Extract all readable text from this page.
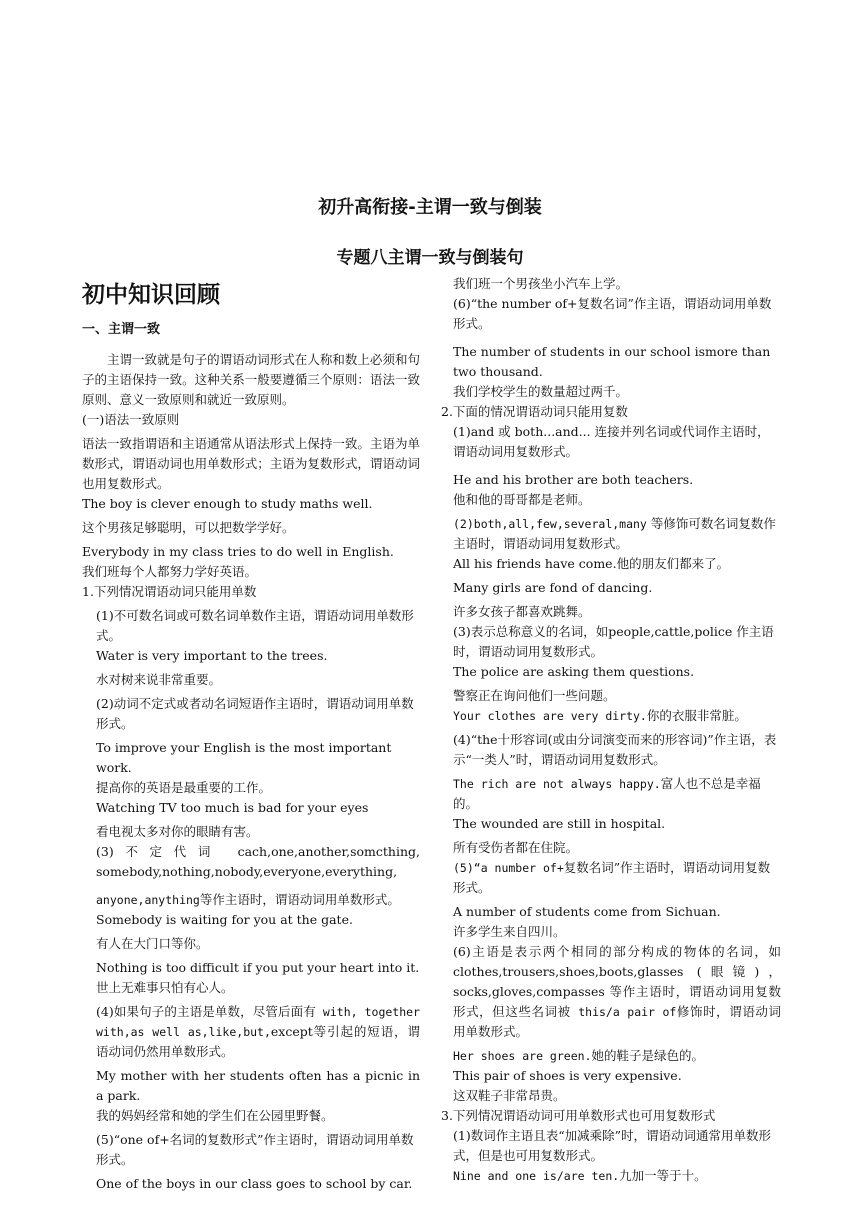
初升高衔接-主谓一致与倒装
专题八主谓一致与倒装句

初中知识回顾

一、主谓一致

主谓一致就是句子的谓语动词形式在人称和数上必须和句子的主语保持一致。这种关系一般要遵循三个原则：语法一致原则、意义一致原则和就近一致原则。

(一)语法一致原则

语法一致指谓语和主语通常从语法形式上保持一致。主语为单数形式，谓语动词也用单数形式；主语为复数形式，谓语动词也用复数形式。

The boy is clever enough to study maths well.

这个男孩足够聪明，可以把数学学好。

Everybody in my class tries to do well in English.

我们班每个人都努力学好英语。

1.下列情况谓语动词只能用单数

(1)不可数名词或可数名词单数作主语，谓语动词用单数形式。

Water is very important to the trees.

水对树来说非常重要。

(2)动词不定式或者动名词短语作主语时，谓语动词用单数形式。

To improve your English is the most important work.

提高你的英语是最重要的工作。

Watching TV too much is bad for your eyes

看电视太多对你的眼睛有害。

(3)不定代词 cach,one,another,somcthing, somebody,nothing,nobody,everyone,everything,

anyone,anything等作主语时，谓语动词用单数形式。

Somebody is waiting for you at the gate.

有人在大门口等你。

Nothing is too difficult if you put your heart into it.

世上无难事只怕有心人。

(4)如果句子的主语是单数，尽管后面有 with, together with,as well as,like,but,except等引起的短语，谓语动词仍然用单数形式。

My mother with her students often has a picnic in a park.

我的妈妈经常和她的学生们在公园里野餐。

(5)“one of+名词的复数形式”作主语时，谓语动词用单数形式。

One of the boys in our class goes to school by car.

我们班一个男孩坐小汽车上学。

(6)“the number of+复数名词”作主语，谓语动词用单数形式。

The number of students in our school ismore than two thousand.

我们学校学生的数量超过两千。

2.下面的情况谓语动词只能用复数

(1)and 或 both...and... 连接并列名词或代词作主语时，谓语动词用复数形式。

He and his brother are both teachers.

他和他的哥哥都是老师。

(2)both,all,few,several,many 等修饰可数名词复数作主语时，谓语动词用复数形式。

All his friends have come.他的朋友们都来了。

Many girls are fond of dancing.

许多女孩子都喜欢跳舞。

(3)表示总称意义的名词，如people,cattle,police 作主语时，谓语动词用复数形式。

The police are asking them questions.

警察正在询问他们一些问题。

Your clothes are very dirty.你的衣服非常脏。

(4)“the十形容词(或由分词演变而来的形容词)”作主语，表示“一类人”时，谓语动词用复数形式。

The rich are not always happy.富人也不总是幸福的。

The wounded are still in hospital.

所有受伤者都在住院。

(5)“a number of+复数名词”作主语时，谓语动词用复数形式。

A number of students come from Sichuan.

许多学生来自四川。

(6)主语是表示两个相同的部分构成的物体的名词，如 clothes,trousers,shoes,boots,glasses (眼镜)，socks,gloves,compasses 等作主语时，谓语动词用复数形式，但这些名词被 this/a pair of修饰时，谓语动词用单数形式。

Her shoes are green.她的鞋子是绿色的。

This pair of shoes is very expensive.

这双鞋子非常昂贵。

3.下列情况谓语动词可用单数形式也可用复数形式

(1)数词作主语且表“加减乘除”时，谓语动词通常用单数形式，但是也可用复数形式。

Nine and one is/are ten.九加一等于十。
